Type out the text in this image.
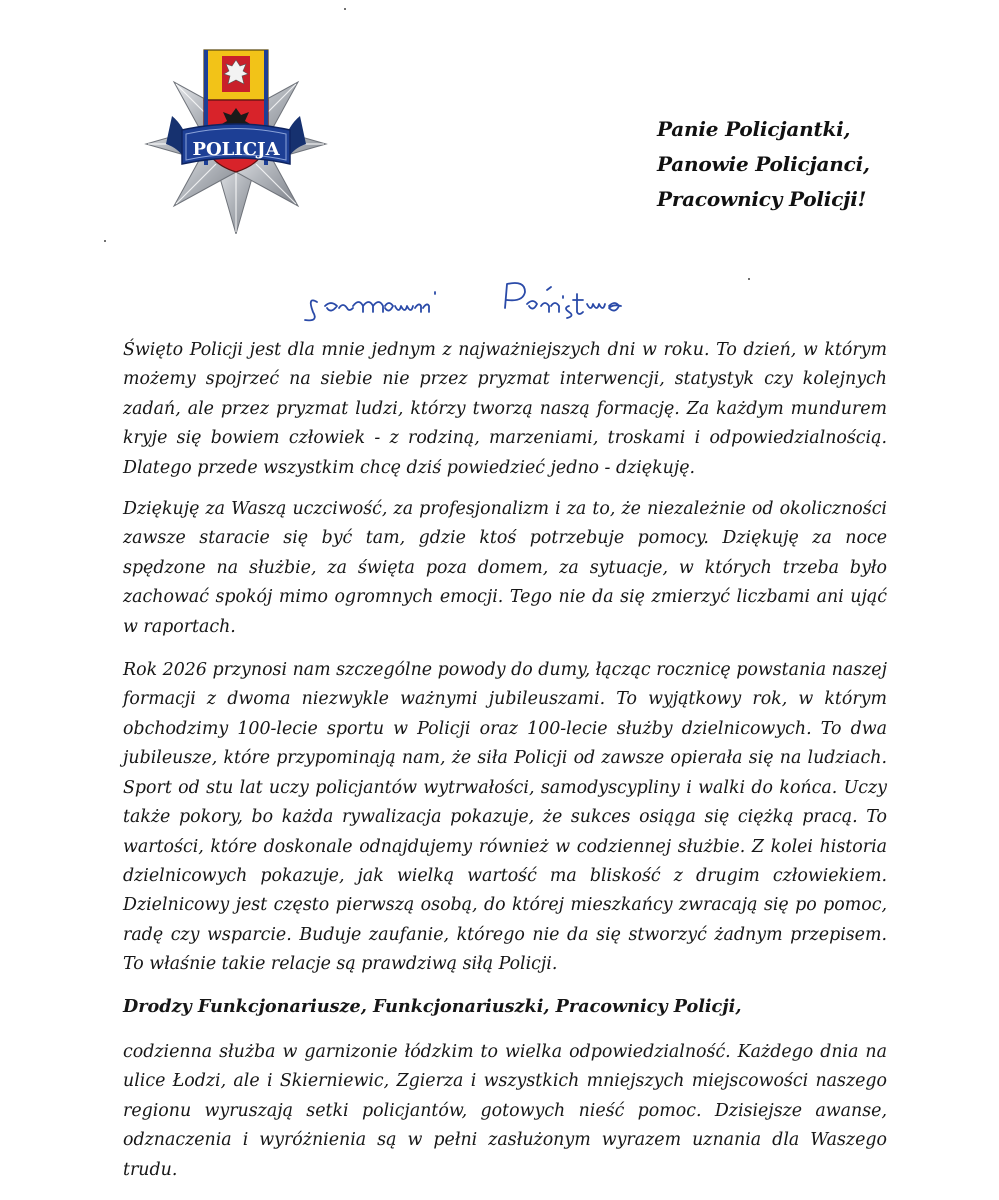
POLICJA
Panie Policjantki,
Panowie Policjanci,
Pracownicy Policji!

Święto Policji jest dla mnie jednym z najważniejszych dni w roku. To dzień, w którym możemy spojrzeć na siebie nie przez pryzmat interwencji, statystyk czy kolejnych zadań, ale przez pryzmat ludzi, którzy tworzą naszą formację. Za każdym mundurem kryje się bowiem człowiek - z rodziną, marzeniami, troskami i odpowiedzialnością. Dlatego przede wszystkim chcę dziś powiedzieć jedno - dziękuję.

Dziękuję za Waszą uczciwość, za profesjonalizm i za to, że niezależnie od okoliczności zawsze staracie się być tam, gdzie ktoś potrzebuje pomocy. Dziękuję za noce spędzone na służbie, za święta poza domem, za sytuacje, w których trzeba było zachować spokój mimo ogromnych emocji. Tego nie da się zmierzyć liczbami ani ująć w raportach.

Rok 2026 przynosi nam szczególne powody do dumy, łącząc rocznicę powstania naszej formacji z dwoma niezwykle ważnymi jubileuszami. To wyjątkowy rok, w którym obchodzimy 100-lecie sportu w Policji oraz 100-lecie służby dzielnicowych. To dwa jubileusze, które przypominają nam, że siła Policji od zawsze opierała się na ludziach. Sport od stu lat uczy policjantów wytrwałości, samodyscypliny i walki do końca. Uczy także pokory, bo każda rywalizacja pokazuje, że sukces osiąga się ciężką pracą. To wartości, które doskonale odnajdujemy również w codziennej służbie. Z kolei historia dzielnicowych pokazuje, jak wielką wartość ma bliskość z drugim człowiekiem. Dzielnicowy jest często pierwszą osobą, do której mieszkańcy zwracają się po pomoc, radę czy wsparcie. Buduje zaufanie, którego nie da się stworzyć żadnym przepisem. To właśnie takie relacje są prawdziwą siłą Policji.

Drodzy Funkcjonariusze, Funkcjonariuszki, Pracownicy Policji,

codzienna służba w garnizonie łódzkim to wielka odpowiedzialność. Każdego dnia na ulice Łodzi, ale i Skierniewic, Zgierza i wszystkich mniejszych miejscowości naszego regionu wyruszają setki policjantów, gotowych nieść pomoc. Dzisiejsze awanse, odznaczenia i wyróżnienia są w pełni zasłużonym wyrazem uznania dla Waszego trudu.
